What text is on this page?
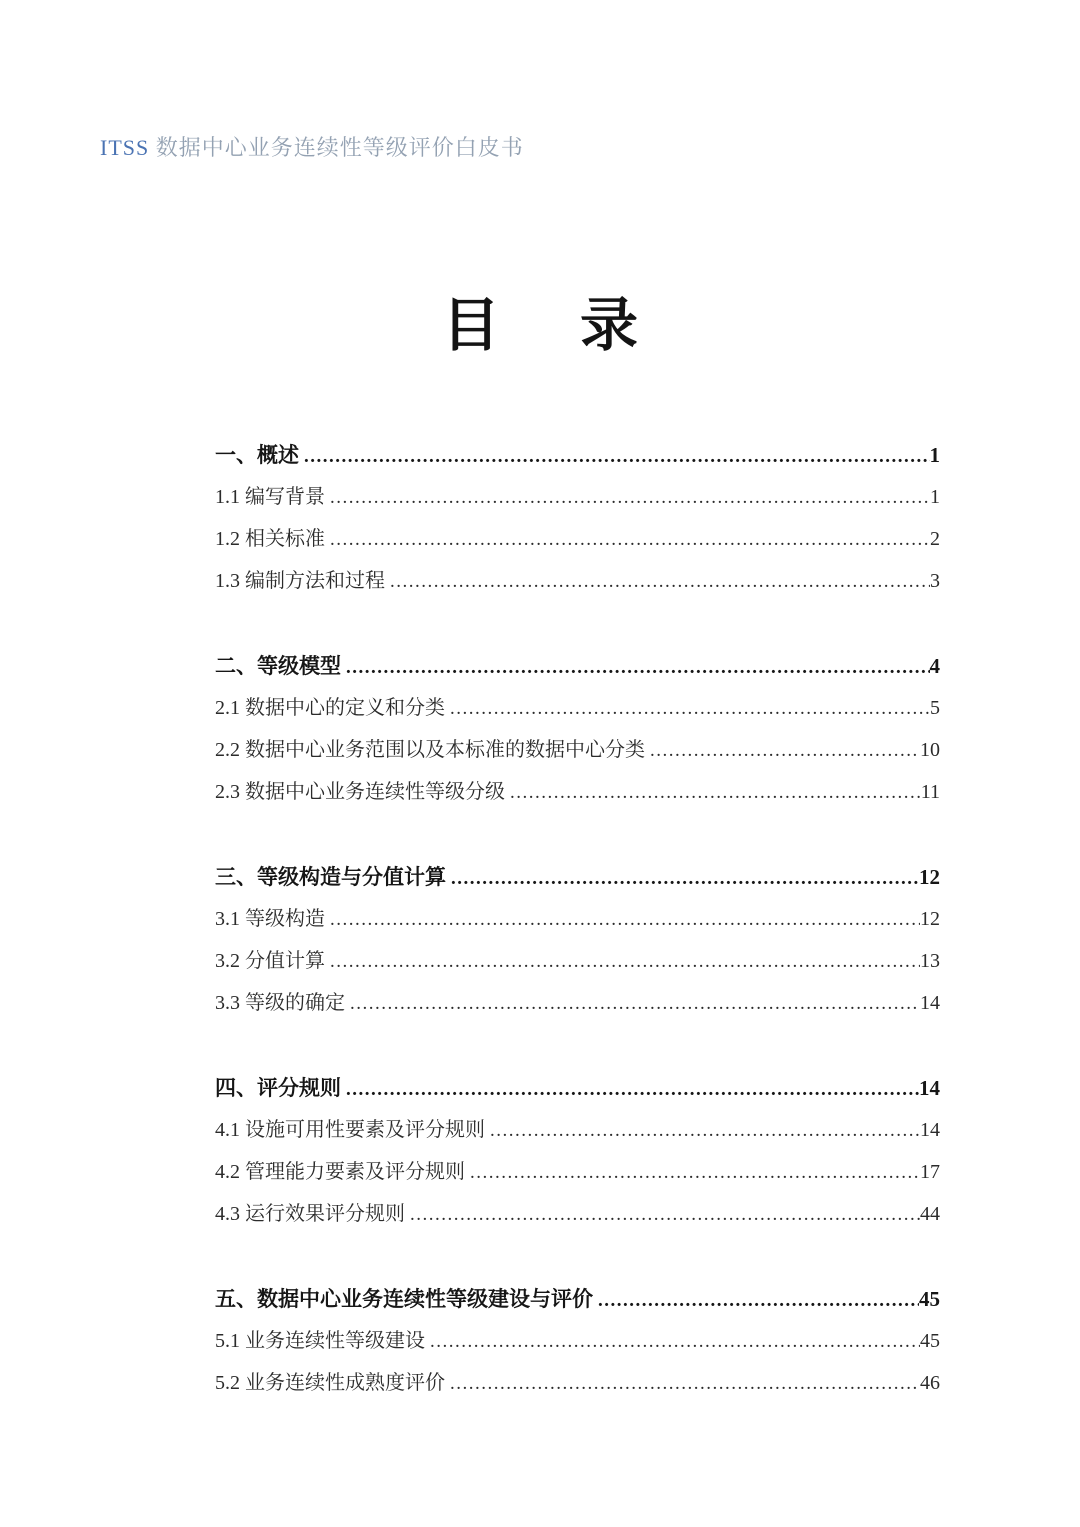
ITSS 数据中心业务连续性等级评价白皮书
目 录
一、概述 .....	1
1.1 编写背景 .....	1
1.2 相关标准 .....	2
1.3 编制方法和过程 .....	3
二、等级模型 .....	4
2.1 数据中心的定义和分类 .....	5
2.2 数据中心业务范围以及本标准的数据中心分类 .....	10
2.3 数据中心业务连续性等级分级 .....	11
三、等级构造与分值计算 .....	12
3.1 等级构造 .....	12
3.2 分值计算 .....	13
3.3 等级的确定 .....	14
四、评分规则 .....	14
4.1 设施可用性要素及评分规则 .....	14
4.2 管理能力要素及评分规则 .....	17
4.3 运行效果评分规则 .....	44
五、数据中心业务连续性等级建设与评价 .....	45
5.1 业务连续性等级建设 .....	45
5.2 业务连续性成熟度评价 .....	46
